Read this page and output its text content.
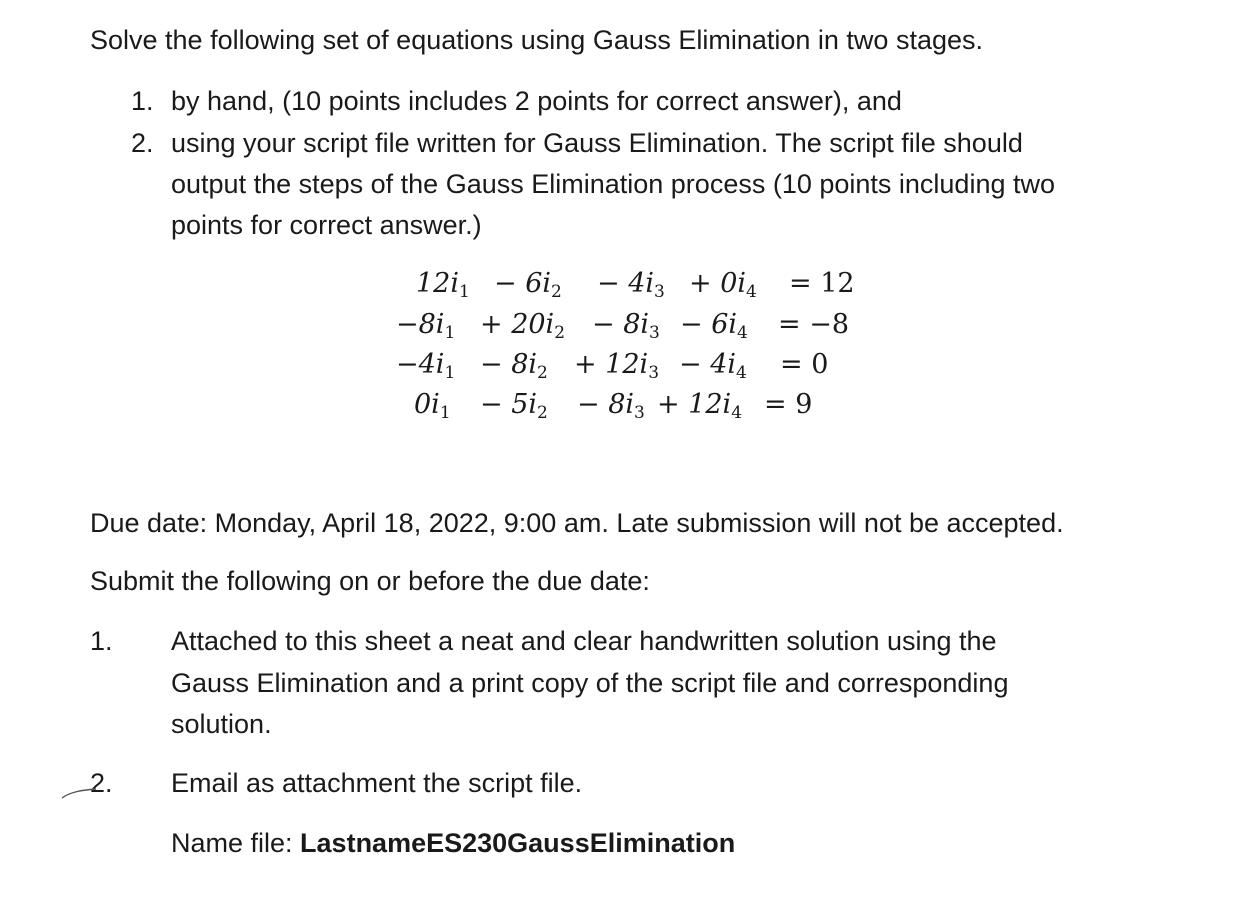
Solve the following set of equations using Gauss Elimination in two stages.
1. by hand, (10 points includes 2 points for correct answer), and
2. using your script file written for Gauss Elimination. The script file should
output the steps of the Gauss Elimination process (10 points including two
points for correct answer.)
$12i_1 - 6i_2 - 4i_3 + 0i_4 = 12$
$-8i_1 + 20i_2 - 8i_3 - 6i_4 = -8$
$-4i_1 - 8i_2 + 12i_3 - 4i_4 = 0$
$0i_1 - 5i_2 - 8i_3 + 12i_4 = 9$
Due date: Monday, April 18, 2022, 9:00 am. Late submission will not be accepted.
Submit the following on or before the due date:
1. Attached to this sheet a neat and clear handwritten solution using the
Gauss Elimination and a print copy of the script file and corresponding
solution.
2. Email as attachment the script file.
Name file: LastnameES230GaussElimination
